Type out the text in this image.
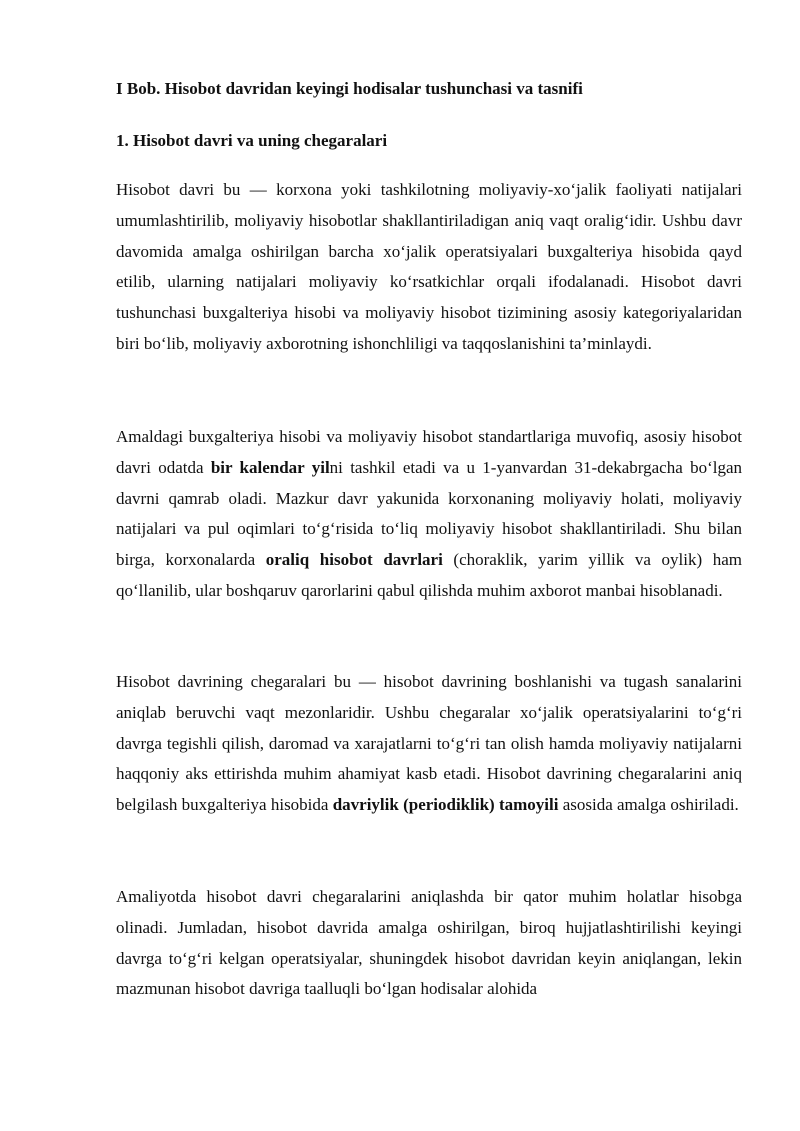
I Bob. Hisobot davridan keyingi hodisalar tushunchasi va tasnifi
1. Hisobot davri va uning chegaralari

Hisobot davri bu — korxona yoki tashkilotning moliyaviy-xo‘jalik faoliyati natijalari umumlashtirilib, moliyaviy hisobotlar shakllantiriladigan aniq vaqt oralig‘idir. Ushbu davr davomida amalga oshirilgan barcha xo‘jalik operatsiyalari buxgalteriya hisobida qayd etilib, ularning natijalari moliyaviy ko‘rsatkichlar orqali ifodalanadi. Hisobot davri tushunchasi buxgalteriya hisobi va moliyaviy hisobot tizimining asosiy kategoriyalaridan biri bo‘lib, moliyaviy axborotning ishonchliligi va taqqoslanishini ta’minlaydi.

Amaldagi buxgalteriya hisobi va moliyaviy hisobot standartlariga muvofiq, asosiy hisobot davri odatda bir kalendar yilni tashkil etadi va u 1-yanvardan 31-dekabrgacha bo‘lgan davrni qamrab oladi. Mazkur davr yakunida korxonaning moliyaviy holati, moliyaviy natijalari va pul oqimlari to‘g‘risida to‘liq moliyaviy hisobot shakllantiriladi. Shu bilan birga, korxonalarda oraliq hisobot davrlari (choraklik, yarim yillik va oylik) ham qo‘llanilib, ular boshqaruv qarorlarini qabul qilishda muhim axborot manbai hisoblanadi.

Hisobot davrining chegaralari bu — hisobot davrining boshlanishi va tugash sanalarini aniqlab beruvchi vaqt mezonlaridir. Ushbu chegaralar xo‘jalik operatsiyalarini to‘g‘ri davrga tegishli qilish, daromad va xarajatlarni to‘g‘ri tan olish hamda moliyaviy natijalarni haqqoniy aks ettirishda muhim ahamiyat kasb etadi. Hisobot davrining chegaralarini aniq belgilash buxgalteriya hisobida davriylik (periodiklik) tamoyili asosida amalga oshiriladi.

Amaliyotda hisobot davri chegaralarini aniqlashda bir qator muhim holatlar hisobga olinadi. Jumladan, hisobot davrida amalga oshirilgan, biroq hujjatlashtirilishi keyingi davrga to‘g‘ri kelgan operatsiyalar, shuningdek hisobot davridan keyin aniqlangan, lekin mazmunan hisobot davriga taalluqli bo‘lgan hodisalar alohida
